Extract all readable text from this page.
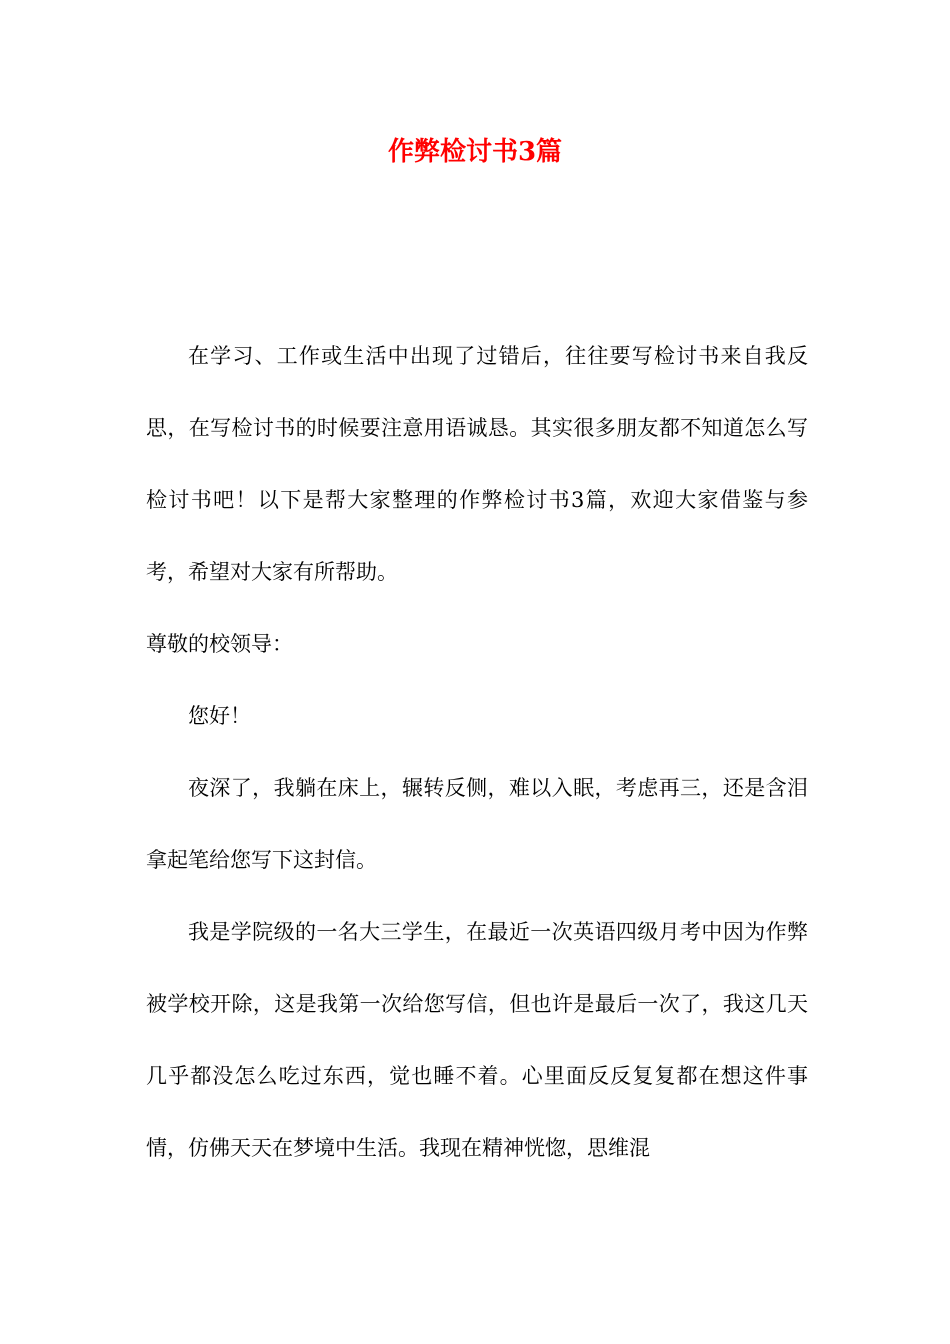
作弊检讨书3篇

在学习、工作或生活中出现了过错后，往往要写检讨书来自我反思，在写检讨书的时候要注意用语诚恳。其实很多朋友都不知道怎么写检讨书吧！以下是帮大家整理的作弊检讨书3篇，欢迎大家借鉴与参考，希望对大家有所帮助。

尊敬的校领导：

您好！

夜深了，我躺在床上，辗转反侧，难以入眠，考虑再三，还是含泪拿起笔给您写下这封信。

我是学院级的一名大三学生，在最近一次英语四级月考中因为作弊被学校开除，这是我第一次给您写信，但也许是最后一次了，我这几天几乎都没怎么吃过东西，觉也睡不着。心里面反反复复都在想这件事情，仿佛天天在梦境中生活。我现在精神恍惚，思维混
